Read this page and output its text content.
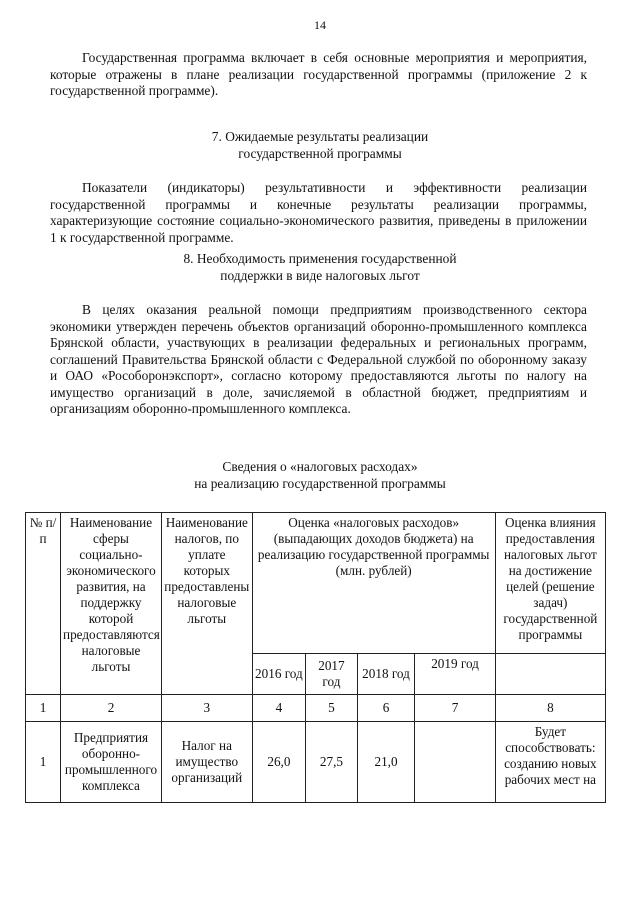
14

Государственная программа включает в себя основные мероприятия и мероприятия, которые отражены в плане реализации государственной программы (приложение 2 к государственной программе).

7. Ожидаемые результаты реализации
государственной программы

Показатели (индикаторы) результативности и эффективности реализации государственной программы и конечные результаты реализации программы, характеризующие состояние социально-экономического развития, приведены в приложении 1 к государственной программе.

8. Необходимость применения государственной
поддержки в виде налоговых льгот

В целях оказания реальной помощи предприятиям производственного сектора экономики утвержден перечень объектов организаций оборонно-промышленного комплекса Брянской области, участвующих в реализации федеральных и региональных программ, соглашений Правительства Брянской области с Федеральной службой по оборонному заказу и ОАО «Рособоронэкспорт», согласно которому предоставляются льготы по налогу на имущество организаций в доле, зачисляемой в областной бюджет, предприятиям и организациям оборонно-промышленного комплекса.

Сведения о «налоговых расходах»
на реализацию государственной программы
№ п/п	Наименование сферы социально-экономического развития, на поддержку которой предоставляются налоговые льготы	Наименование налогов, по уплате которых предоставлены налоговые льготы	Оценка «налоговых расходов» (выпадающих доходов бюджета) на реализацию государственной программы (млн. рублей)				Оценка влияния предоставления налоговых льгот на достижение целей (решение задач) государственной программы
			2016 год	2017 год	2018 год	2019 год	
1	2	3	4	5	6	7	8
1	Предприятия оборонно-промышленного комплекса	Налог на имущество организаций	26,0	27,5	21,0		Будет способствовать: созданию новых рабочих мест на
